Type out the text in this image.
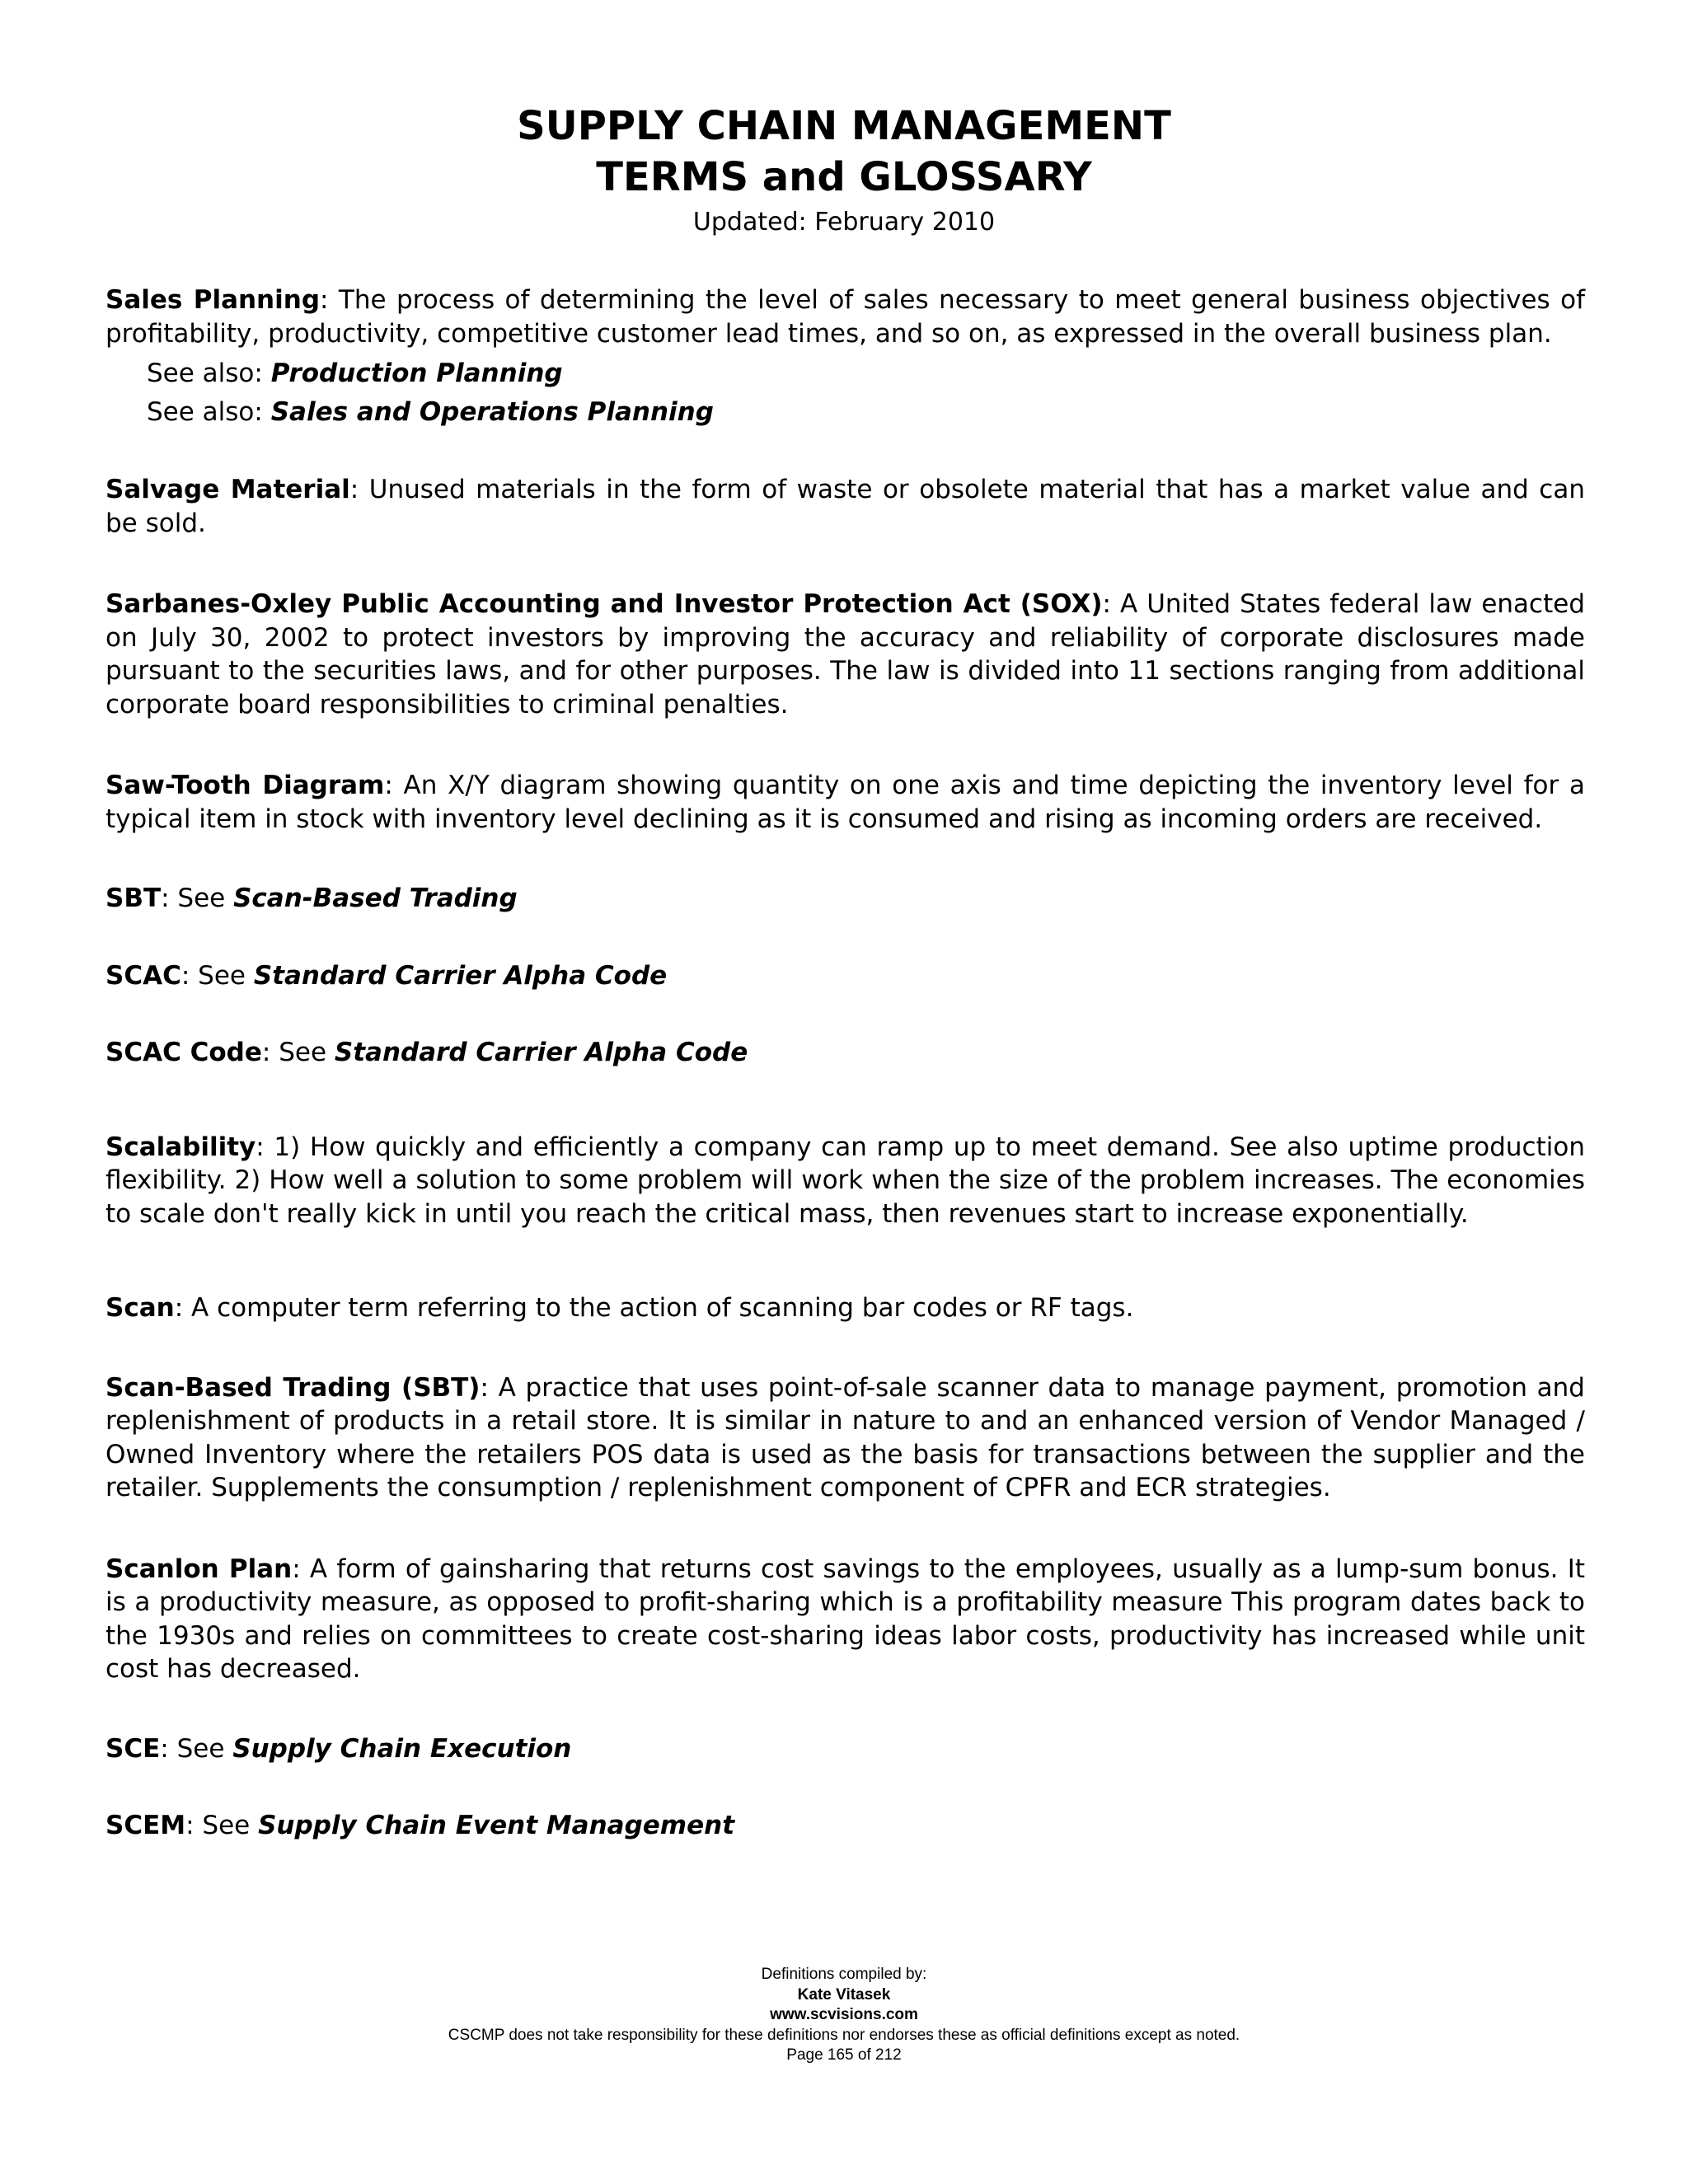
SUPPLY CHAIN MANAGEMENT
TERMS and GLOSSARY
Updated: February 2010

Sales Planning: The process of determining the level of sales necessary to meet general business objectives of profitability, productivity, competitive customer lead times, and so on, as expressed in the overall business plan.

See also: Production Planning

See also: Sales and Operations Planning

Salvage Material: Unused materials in the form of waste or obsolete material that has a market value and can be sold.

Sarbanes-Oxley Public Accounting and Investor Protection Act (SOX): A United States federal law enacted on July 30, 2002 to protect investors by improving the accuracy and reliability of corporate disclosures made pursuant to the securities laws, and for other purposes. The law is divided into 11 sections ranging from additional corporate board responsibilities to criminal penalties.

Saw-Tooth Diagram: An X/Y diagram showing quantity on one axis and time depicting the inventory level for a typical item in stock with inventory level declining as it is consumed and rising as incoming orders are received.

SBT: See Scan-Based Trading

SCAC: See Standard Carrier Alpha Code

SCAC Code: See Standard Carrier Alpha Code

Scalability: 1) How quickly and efficiently a company can ramp up to meet demand. See also uptime production flexibility. 2) How well a solution to some problem will work when the size of the problem increases. The economies to scale don't really kick in until you reach the critical mass, then revenues start to increase exponentially.

Scan: A computer term referring to the action of scanning bar codes or RF tags.

Scan-Based Trading (SBT): A practice that uses point-of-sale scanner data to manage payment, promotion and replenishment of products in a retail store. It is similar in nature to and an enhanced version of Vendor Managed / Owned Inventory where the retailers POS data is used as the basis for transactions between the supplier and the retailer. Supplements the consumption / replenishment component of CPFR and ECR strategies.

Scanlon Plan: A form of gainsharing that returns cost savings to the employees, usually as a lump-sum bonus. It is a productivity measure, as opposed to profit-sharing which is a profitability measure This program dates back to the 1930s and relies on committees to create cost-sharing ideas labor costs, productivity has increased while unit cost has decreased.

SCE: See Supply Chain Execution

SCEM: See Supply Chain Event Management

Definitions compiled by:
Kate Vitasek
www.scvisions.com
CSCMP does not take responsibility for these definitions nor endorses these as official definitions except as noted.
Page 165 of 212
